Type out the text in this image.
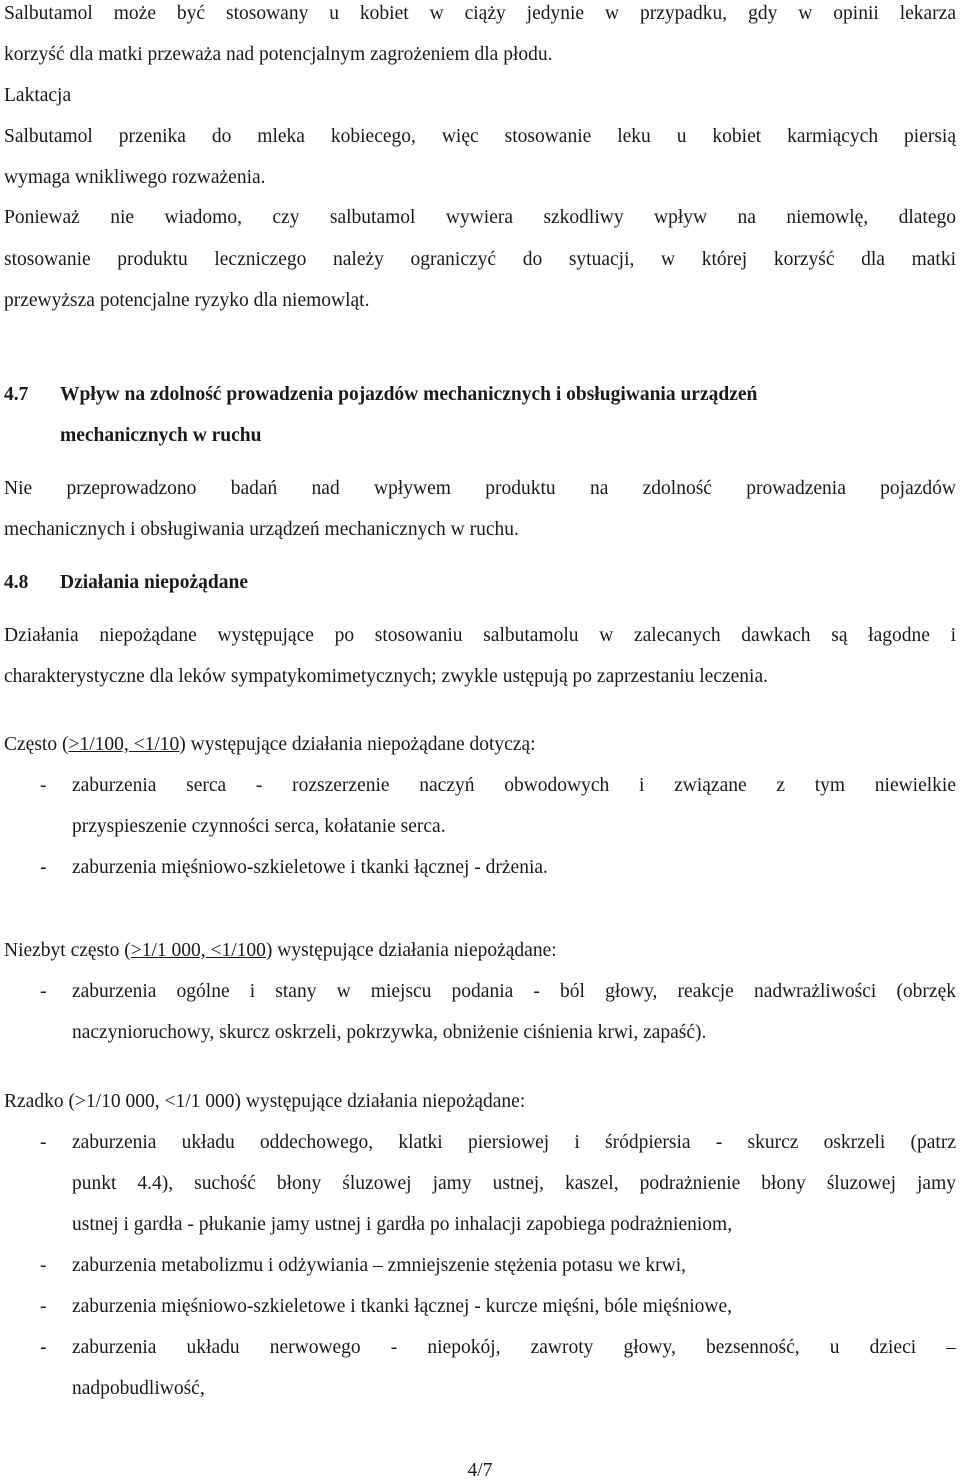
Salbutamol może być stosowany u kobiet w ciąży jedynie w przypadku, gdy w opinii lekarza
korzyść dla matki przeważa nad potencjalnym zagrożeniem dla płodu.
Laktacja
Salbutamol przenika do mleka kobiecego, więc stosowanie leku u kobiet karmiących piersią
wymaga wnikliwego rozważenia.
Ponieważ nie wiadomo, czy salbutamol wywiera szkodliwy wpływ na niemowlę, dlatego
stosowanie produktu leczniczego należy ograniczyć do sytuacji, w której korzyść dla matki
przewyższa potencjalne ryzyko dla niemowląt.
4.7 Wpływ na zdolność prowadzenia pojazdów mechanicznych i obsługiwania urządzeń
mechanicznych w ruchu
Nie przeprowadzono badań nad wpływem produktu na zdolność prowadzenia pojazdów
mechanicznych i obsługiwania urządzeń mechanicznych w ruchu.
4.8 Działania niepożądane
Działania niepożądane występujące po stosowaniu salbutamolu w zalecanych dawkach są łagodne i
charakterystyczne dla leków sympatykomimetycznych; zwykle ustępują po zaprzestaniu leczenia.
Często (>1/100, <1/10) występujące działania niepożądane dotyczą:
- zaburzenia serca - rozszerzenie naczyń obwodowych i związane z tym niewielkie
przyspieszenie czynności serca, kołatanie serca.
- zaburzenia mięśniowo-szkieletowe i tkanki łącznej - drżenia.
Niezbyt często (>1/1 000, <1/100) występujące działania niepożądane:
- zaburzenia ogólne i stany w miejscu podania - ból głowy, reakcje nadwrażliwości (obrzęk
naczynioruchowy, skurcz oskrzeli, pokrzywka, obniżenie ciśnienia krwi, zapaść).
Rzadko (>1/10 000, <1/1 000) występujące działania niepożądane:
- zaburzenia układu oddechowego, klatki piersiowej i śródpiersia - skurcz oskrzeli (patrz
punkt 4.4), suchość błony śluzowej jamy ustnej, kaszel, podrażnienie błony śluzowej jamy
ustnej i gardła - płukanie jamy ustnej i gardła po inhalacji zapobiega podrażnieniom,
- zaburzenia metabolizmu i odżywiania – zmniejszenie stężenia potasu we krwi,
- zaburzenia mięśniowo-szkieletowe i tkanki łącznej - kurcze mięśni, bóle mięśniowe,
- zaburzenia układu nerwowego - niepokój, zawroty głowy, bezsenność, u dzieci –
nadpobudliwość,
4/7
